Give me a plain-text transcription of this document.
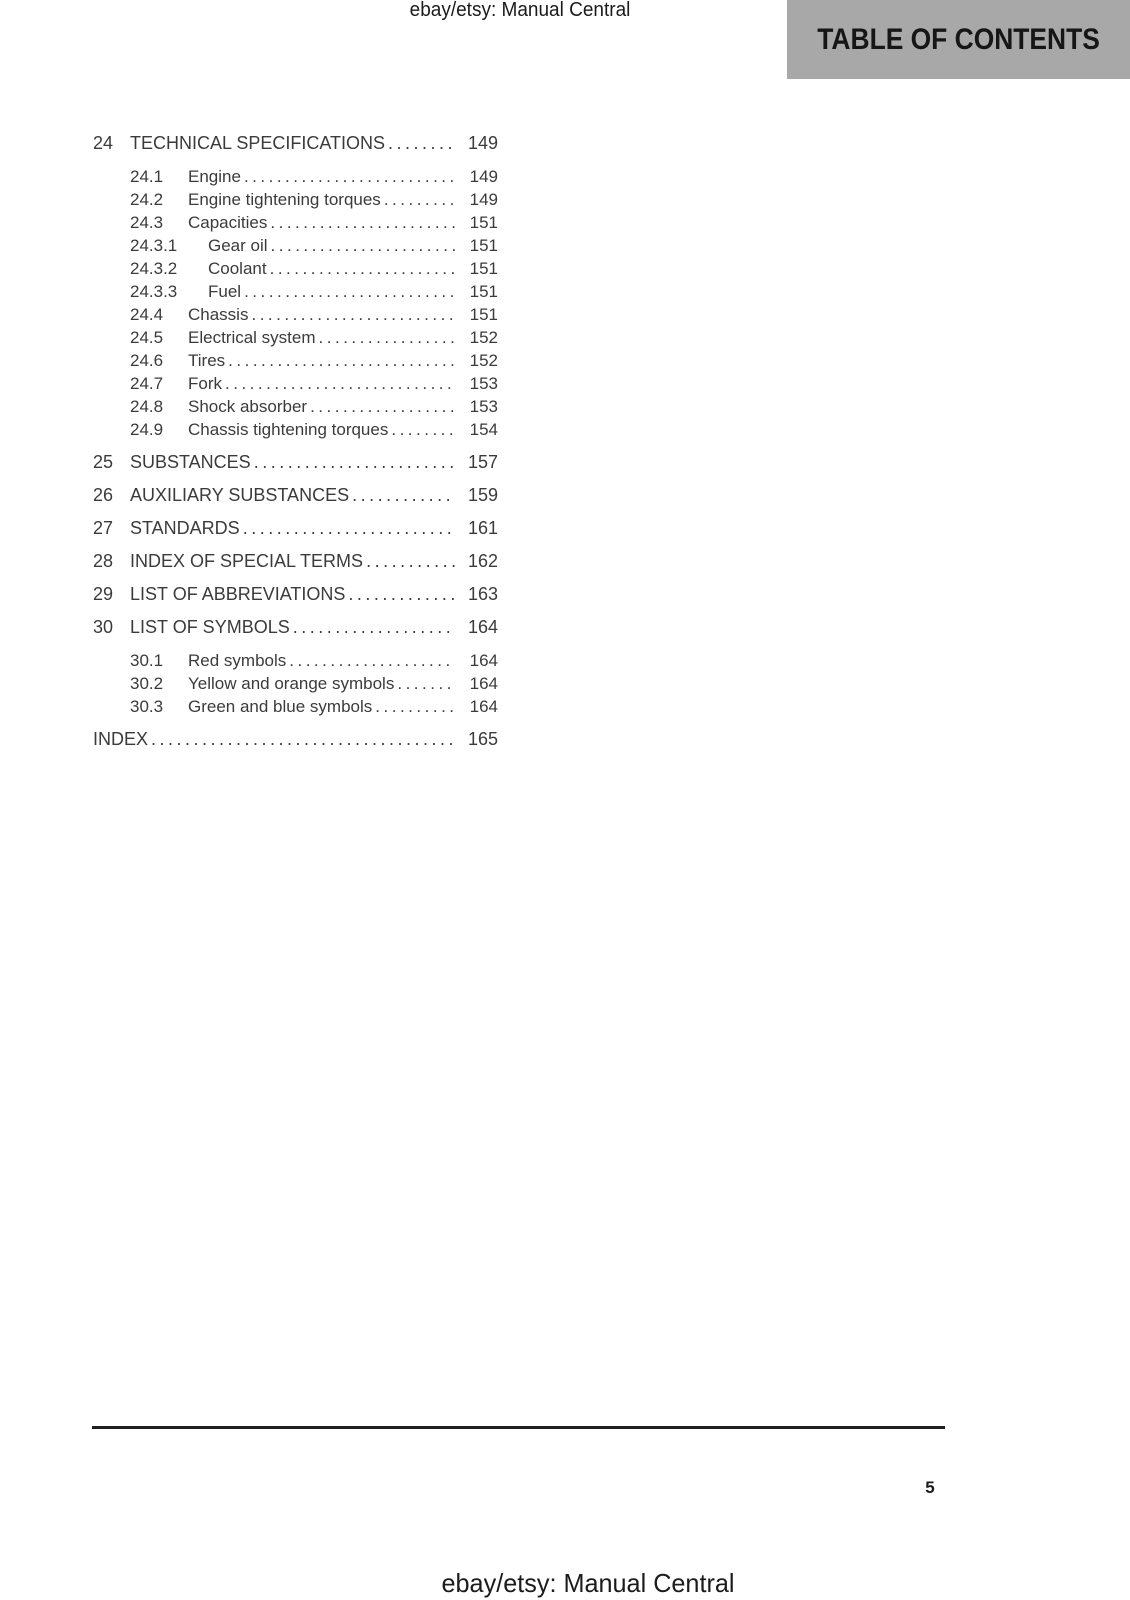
ebay/etsy: Manual Central
TABLE OF CONTENTS
24 TECHNICAL SPECIFICATIONS .....	149
24.1	Engine .....	149
24.2	Engine tightening torques .....	149
24.3	Capacities .....	151
24.3.1	Gear oil .....	151
24.3.2	Coolant .....	151
24.3.3	Fuel .....	151
24.4	Chassis .....	151
24.5	Electrical system .....	152
24.6	Tires .....	152
24.7	Fork .....	153
24.8	Shock absorber .....	153
24.9	Chassis tightening torques .....	154
25 SUBSTANCES .....	157
26 AUXILIARY SUBSTANCES .....	159
27 STANDARDS .....	161
28 INDEX OF SPECIAL TERMS .....	162
29 LIST OF ABBREVIATIONS .....	163
30 LIST OF SYMBOLS .....	164
30.1	Red symbols .....	164
30.2	Yellow and orange symbols .....	164
30.3	Green and blue symbols .....	164
INDEX .....	165
5
ebay/etsy: Manual Central
